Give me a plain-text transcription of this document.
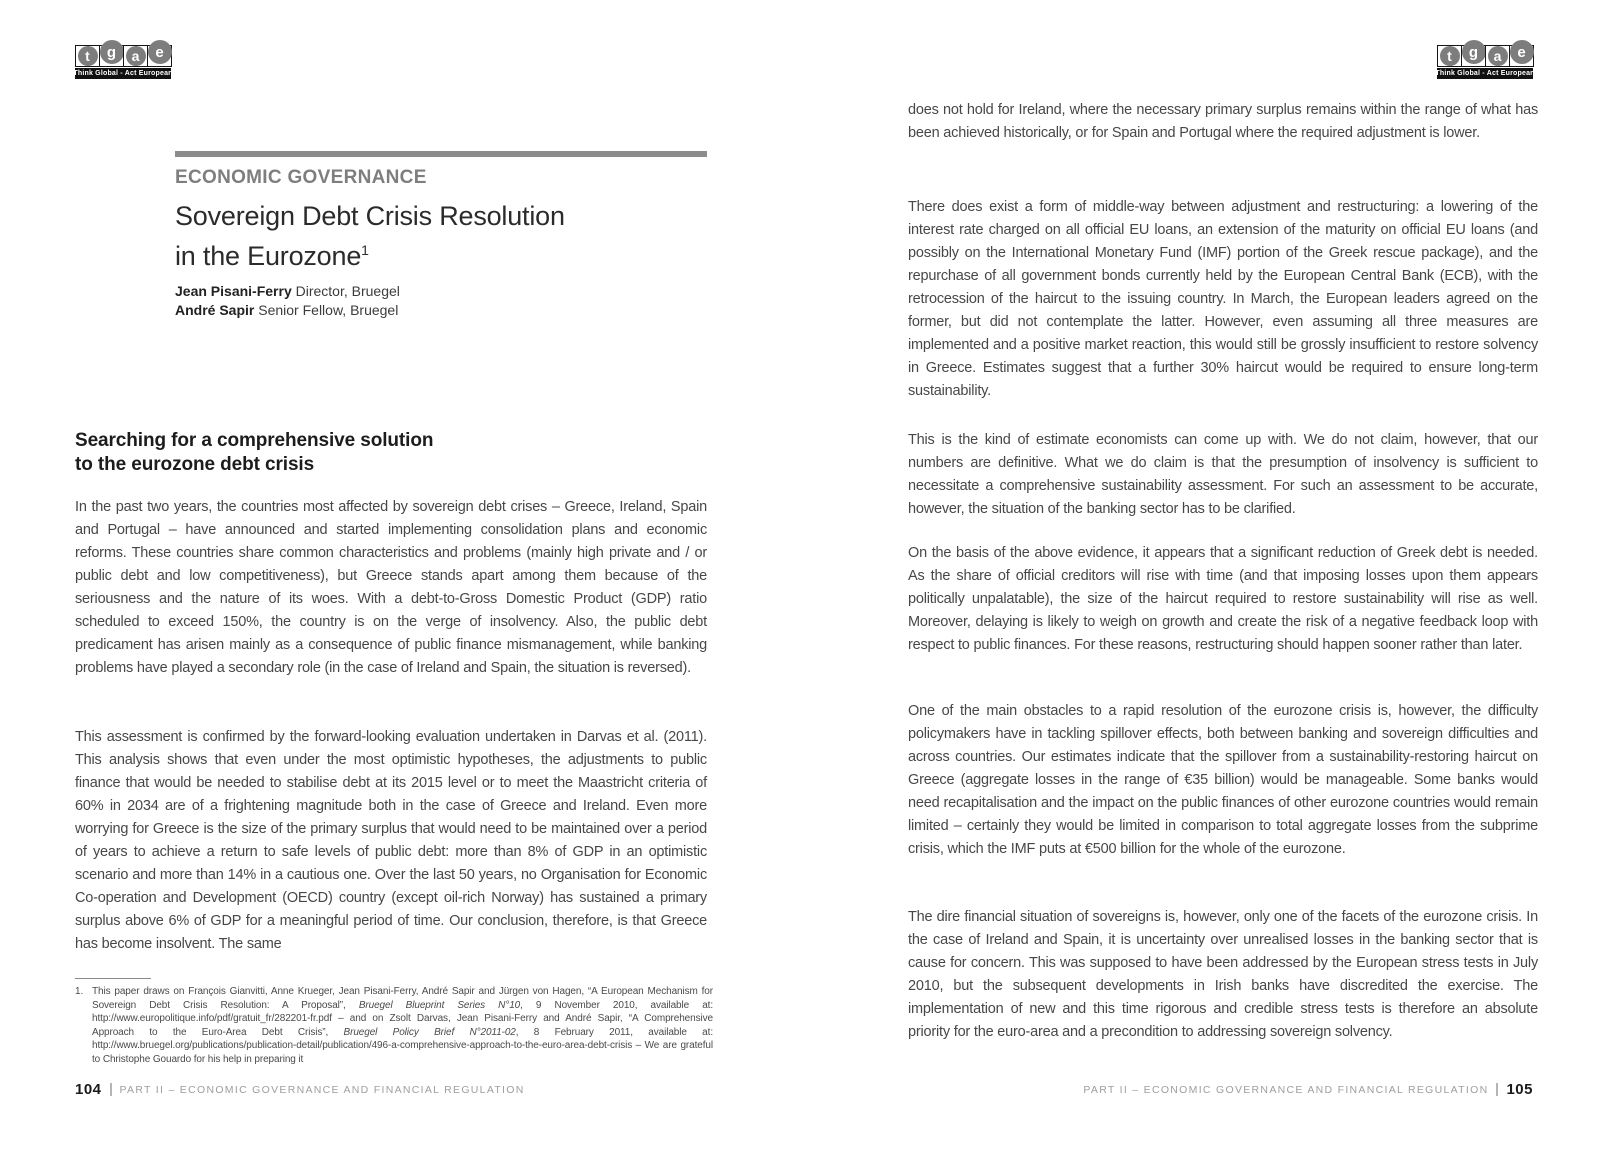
t	g	a	e
Think Global - Act European
t	g	a	e
Think Global - Act European
ECONOMIC GOVERNANCE
Sovereign Debt Crisis Resolution
in the Eurozone$^1$
Jean Pisani-Ferry Director, Bruegel
André Sapir Senior Fellow, Bruegel
Searching for a comprehensive solution
to the eurozone debt crisis

In the past two years, the countries most affected by sovereign debt crises – Greece, Ireland, Spain and Portugal – have announced and started implementing consolidation plans and economic reforms. These countries share common characteristics and problems (mainly high private and / or public debt and low competitiveness), but Greece stands apart among them because of the seriousness and the nature of its woes. With a debt-to-Gross Domestic Product (GDP) ratio scheduled to exceed 150%, the country is on the verge of insolvency. Also, the public debt predicament has arisen mainly as a consequence of public finance mismanagement, while banking problems have played a secondary role (in the case of Ireland and Spain, the situation is reversed).

This assessment is confirmed by the forward-looking evaluation undertaken in Darvas et al. (2011). This analysis shows that even under the most optimistic hypotheses, the adjustments to public finance that would be needed to stabilise debt at its 2015 level or to meet the Maastricht criteria of 60% in 2034 are of a frightening magnitude both in the case of Greece and Ireland. Even more worrying for Greece is the size of the primary surplus that would need to be maintained over a period of years to achieve a return to safe levels of public debt: more than 8% of GDP in an optimistic scenario and more than 14% in a cautious one. Over the last 50 years, no Organisation for Economic Co-operation and Development (OECD) country (except oil-rich Norway) has sustained a primary surplus above 6% of GDP for a meaningful period of time. Our conclusion, therefore, is that Greece has become insolvent. The same

1. This paper draws on François Gianvitti, Anne Krueger, Jean Pisani-Ferry, André Sapir and Jürgen von Hagen, “A European Mechanism for Sovereign Debt Crisis Resolution: A Proposal”, Bruegel Blueprint Series N°10, 9 November 2010, available at: http://www.europolitique.info/pdf/gratuit_fr/282201-fr.pdf – and on Zsolt Darvas, Jean Pisani-Ferry and André Sapir, “A Comprehensive Approach to the Euro-Area Debt Crisis”, Bruegel Policy Brief N°2011-02, 8 February 2011, available at: http://www.bruegel.org/publications/publication-detail/publication/496-a-comprehensive-approach-to-the-euro-area-debt-crisis – We are grateful to Christophe Gouardo for his help in preparing it
104 PART II – ECONOMIC GOVERNANCE AND FINANCIAL REGULATION

does not hold for Ireland, where the necessary primary surplus remains within the range of what has been achieved historically, or for Spain and Portugal where the required adjustment is lower.

There does exist a form of middle-way between adjustment and restructuring: a lowering of the interest rate charged on all official EU loans, an extension of the maturity on official EU loans (and possibly on the International Monetary Fund (IMF) portion of the Greek rescue package), and the repurchase of all government bonds currently held by the European Central Bank (ECB), with the retrocession of the haircut to the issuing country. In March, the European leaders agreed on the former, but did not contemplate the latter. However, even assuming all three measures are implemented and a positive market reaction, this would still be grossly insufficient to restore solvency in Greece. Estimates suggest that a further 30% haircut would be required to ensure long-term sustainability.

This is the kind of estimate economists can come up with. We do not claim, however, that our numbers are definitive. What we do claim is that the presumption of insolvency is sufficient to necessitate a comprehensive sustainability assessment. For such an assessment to be accurate, however, the situation of the banking sector has to be clarified.

On the basis of the above evidence, it appears that a significant reduction of Greek debt is needed. As the share of official creditors will rise with time (and that imposing losses upon them appears politically unpalatable), the size of the haircut required to restore sustainability will rise as well. Moreover, delaying is likely to weigh on growth and create the risk of a negative feedback loop with respect to public finances. For these reasons, restructuring should happen sooner rather than later.

One of the main obstacles to a rapid resolution of the eurozone crisis is, however, the difficulty policymakers have in tackling spillover effects, both between banking and sovereign difficulties and across countries. Our estimates indicate that the spillover from a sustainability-restoring haircut on Greece (aggregate losses in the range of €35 billion) would be manageable. Some banks would need recapitalisation and the impact on the public finances of other eurozone countries would remain limited – certainly they would be limited in comparison to total aggregate losses from the subprime crisis, which the IMF puts at €500 billion for the whole of the eurozone.

The dire financial situation of sovereigns is, however, only one of the facets of the eurozone crisis. In the case of Ireland and Spain, it is uncertainty over unrealised losses in the banking sector that is cause for concern. This was supposed to have been addressed by the European stress tests in July 2010, but the subsequent developments in Irish banks have discredited the exercise. The implementation of new and this time rigorous and credible stress tests is therefore an absolute priority for the euro-area and a precondition to addressing sovereign solvency.

PART II – ECONOMIC GOVERNANCE AND FINANCIAL REGULATION 105
